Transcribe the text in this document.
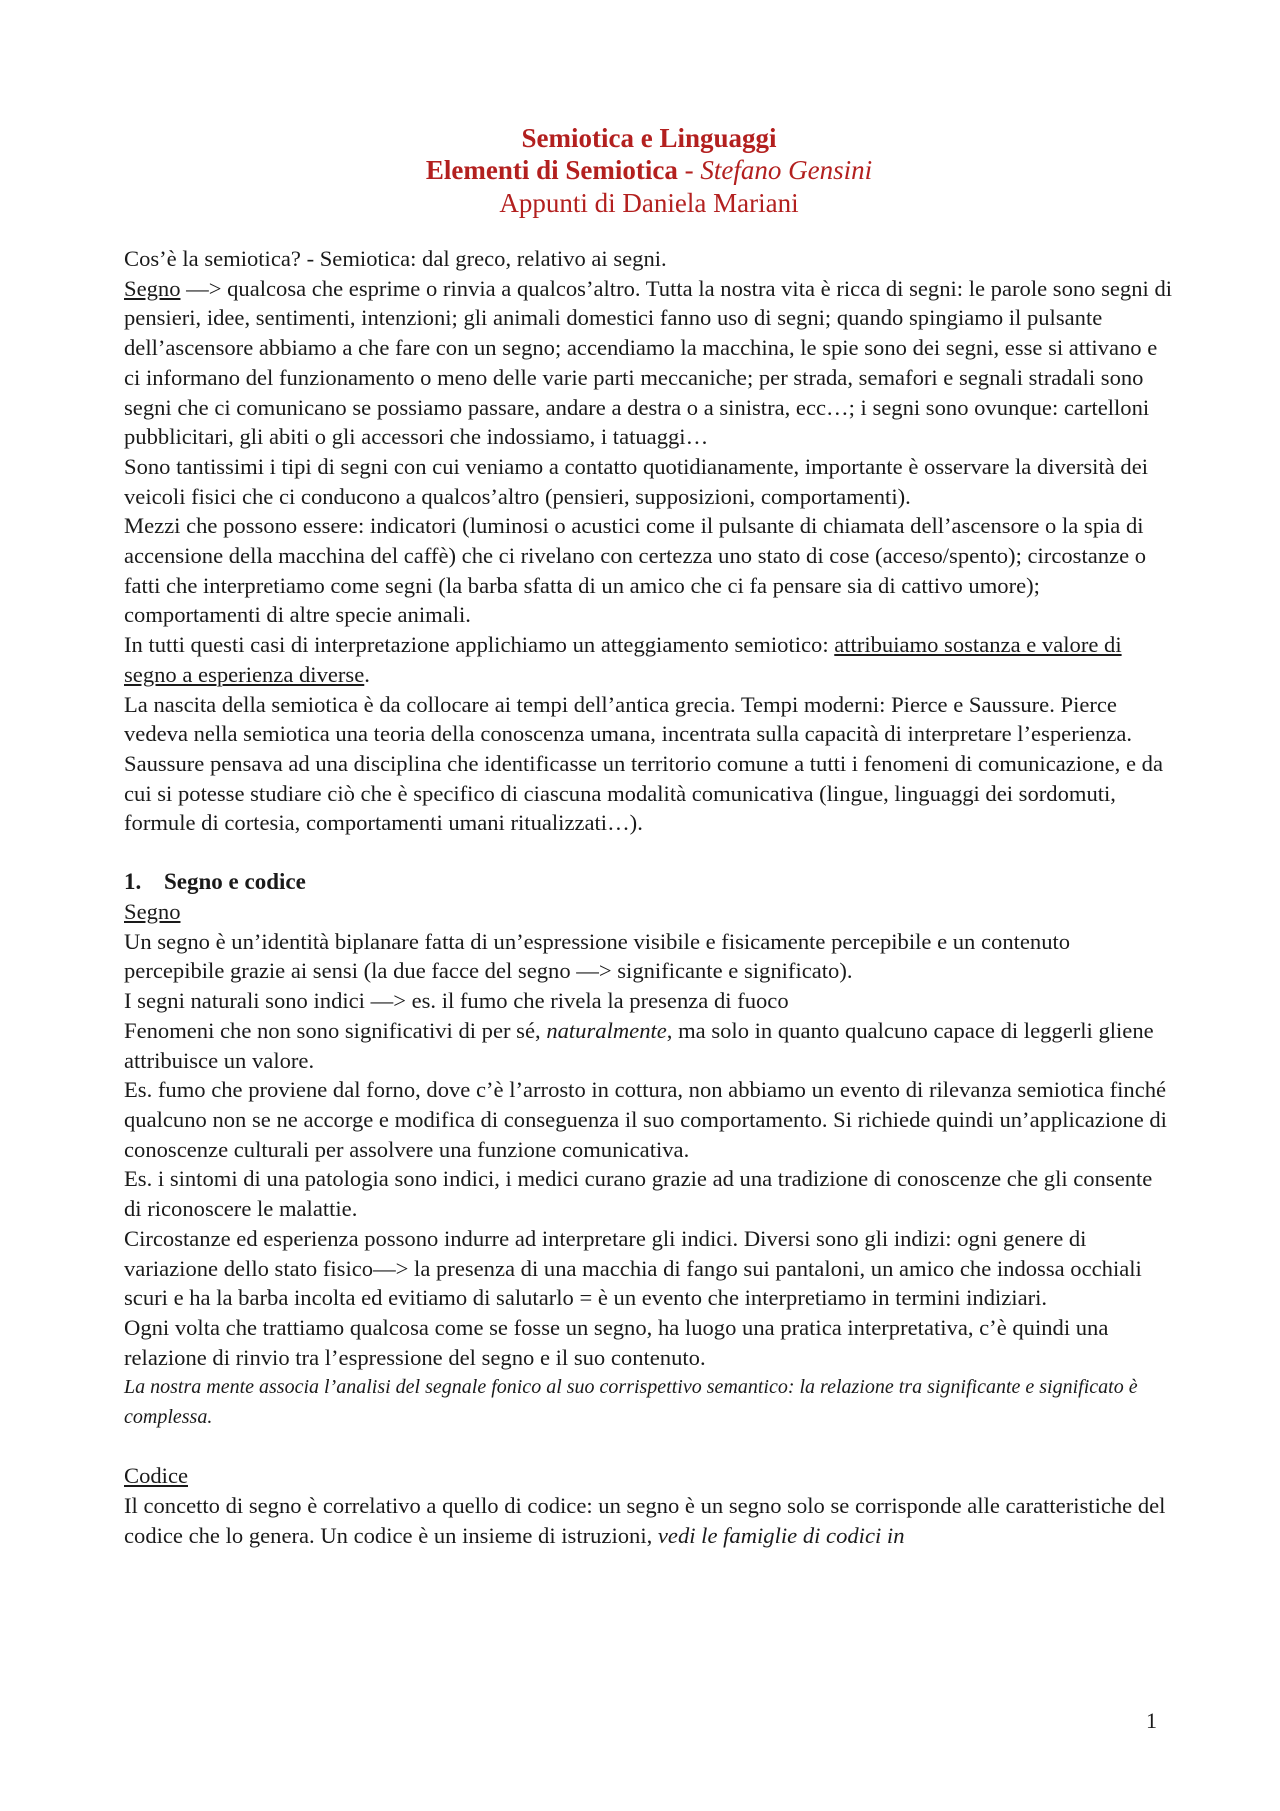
Semiotica e Linguaggi
Elementi di Semiotica - Stefano Gensini
Appunti di Daniela Mariani

Cos’è la semiotica? - Semiotica: dal greco, relativo ai segni.

Segno —> qualcosa che esprime o rinvia a qualcos’altro. Tutta la nostra vita è ricca di segni: le parole sono segni di pensieri, idee, sentimenti, intenzioni; gli animali domestici fanno uso di segni; quando spingiamo il pulsante dell’ascensore abbiamo a che fare con un segno; accendiamo la macchina, le spie sono dei segni, esse si attivano e ci informano del funzionamento o meno delle varie parti meccaniche; per strada, semafori e segnali stradali sono segni che ci comunicano se possiamo passare, andare a destra o a sinistra, ecc…; i segni sono ovunque: cartelloni pubblicitari, gli abiti o gli accessori che indossiamo, i tatuaggi…

Sono tantissimi i tipi di segni con cui veniamo a contatto quotidianamente, importante è osservare la diversità dei veicoli fisici che ci conducono a qualcos’altro (pensieri, supposizioni, comportamenti).

Mezzi che possono essere: indicatori (luminosi o acustici come il pulsante di chiamata dell’ascensore o la spia di accensione della macchina del caffè) che ci rivelano con certezza uno stato di cose (acceso/spento); circostanze o fatti che interpretiamo come segni (la barba sfatta di un amico che ci fa pensare sia di cattivo umore); comportamenti di altre specie animali.

In tutti questi casi di interpretazione applichiamo un atteggiamento semiotico: attribuiamo sostanza e valore di segno a esperienza diverse.

La nascita della semiotica è da collocare ai tempi dell’antica grecia. Tempi moderni: Pierce e Saussure. Pierce vedeva nella semiotica una teoria della conoscenza umana, incentrata sulla capacità di interpretare l’esperienza. Saussure pensava ad una disciplina che identificasse un territorio comune a tutti i fenomeni di comunicazione, e da cui si potesse studiare ciò che è specifico di ciascuna modalità comunicativa (lingue, linguaggi dei sordomuti, formule di cortesia, comportamenti umani ritualizzati…).

1. Segno e codice

Segno

Un segno è un’identità biplanare fatta di un’espressione visibile e fisicamente percepibile e un contenuto percepibile grazie ai sensi (la due facce del segno —> significante e significato).

I segni naturali sono indici —> es. il fumo che rivela la presenza di fuoco

Fenomeni che non sono significativi di per sé, naturalmente, ma solo in quanto qualcuno capace di leggerli gliene attribuisce un valore.

Es. fumo che proviene dal forno, dove c’è l’arrosto in cottura, non abbiamo un evento di rilevanza semiotica finché qualcuno non se ne accorge e modifica di conseguenza il suo comportamento. Si richiede quindi un’applicazione di conoscenze culturali per assolvere una funzione comunicativa.

Es. i sintomi di una patologia sono indici, i medici curano grazie ad una tradizione di conoscenze che gli consente di riconoscere le malattie.

Circostanze ed esperienza possono indurre ad interpretare gli indici. Diversi sono gli indizi: ogni genere di variazione dello stato fisico—> la presenza di una macchia di fango sui pantaloni, un amico che indossa occhiali scuri e ha la barba incolta ed evitiamo di salutarlo = è un evento che interpretiamo in termini indiziari.

Ogni volta che trattiamo qualcosa come se fosse un segno, ha luogo una pratica interpretativa, c’è quindi una relazione di rinvio tra l’espressione del segno e il suo contenuto.

La nostra mente associa l’analisi del segnale fonico al suo corrispettivo semantico: la relazione tra significante e significato è complessa.

Codice

Il concetto di segno è correlativo a quello di codice: un segno è un segno solo se corrisponde alle caratteristiche del codice che lo genera. Un codice è un insieme di istruzioni, vedi le famiglie di codici in

1
